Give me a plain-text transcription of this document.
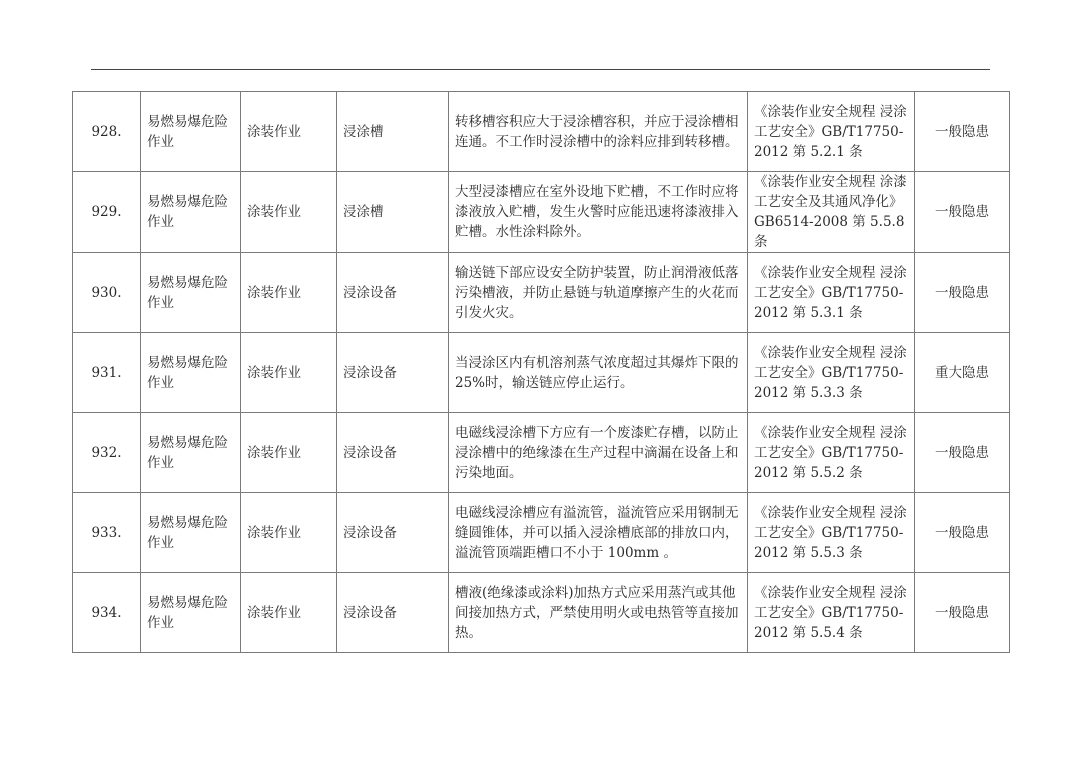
928.	易燃易爆危险作业	涂装作业	浸涂槽	转移槽容积应大于浸涂槽容积，并应于浸涂槽相连通。不工作时浸涂槽中的涂料应排到转移槽。	《涂装作业安全规程 浸涂工艺安全》GB/T17750-2012 第 5.2.1 条	一般隐患
929.	易燃易爆危险作业	涂装作业	浸涂槽	大型浸漆槽应在室外设地下贮槽，不工作时应将漆液放入贮槽，发生火警时应能迅速将漆液排入贮槽。水性涂料除外。	《涂装作业安全规程 涂漆工艺安全及其通风净化》GB6514-2008 第 5.5.8 条	一般隐患
930.	易燃易爆危险作业	涂装作业	浸涂设备	输送链下部应设安全防护装置，防止润滑液低落污染槽液，并防止悬链与轨道摩擦产生的火花而引发火灾。	《涂装作业安全规程 浸涂工艺安全》GB/T17750-2012 第 5.3.1 条	一般隐患
931.	易燃易爆危险作业	涂装作业	浸涂设备	当浸涂区内有机溶剂蒸气浓度超过其爆炸下限的25%时，输送链应停止运行。	《涂装作业安全规程 浸涂工艺安全》GB/T17750-2012 第 5.3.3 条	重大隐患
932.	易燃易爆危险作业	涂装作业	浸涂设备	电磁线浸涂槽下方应有一个废漆贮存槽，以防止浸涂槽中的绝缘漆在生产过程中滴漏在设备上和污染地面。	《涂装作业安全规程 浸涂工艺安全》GB/T17750-2012 第 5.5.2 条	一般隐患
933.	易燃易爆危险作业	涂装作业	浸涂设备	电磁线浸涂槽应有溢流管，溢流管应采用钢制无缝圆锥体，并可以插入浸涂槽底部的排放口内，溢流管顶端距槽口不小于 100mm 。	《涂装作业安全规程 浸涂工艺安全》GB/T17750-2012 第 5.5.3 条	一般隐患
934.	易燃易爆危险作业	涂装作业	浸涂设备	槽液(绝缘漆或涂料)加热方式应采用蒸汽或其他间接加热方式，严禁使用明火或电热管等直接加热。	《涂装作业安全规程 浸涂工艺安全》GB/T17750-2012 第 5.5.4 条	一般隐患
